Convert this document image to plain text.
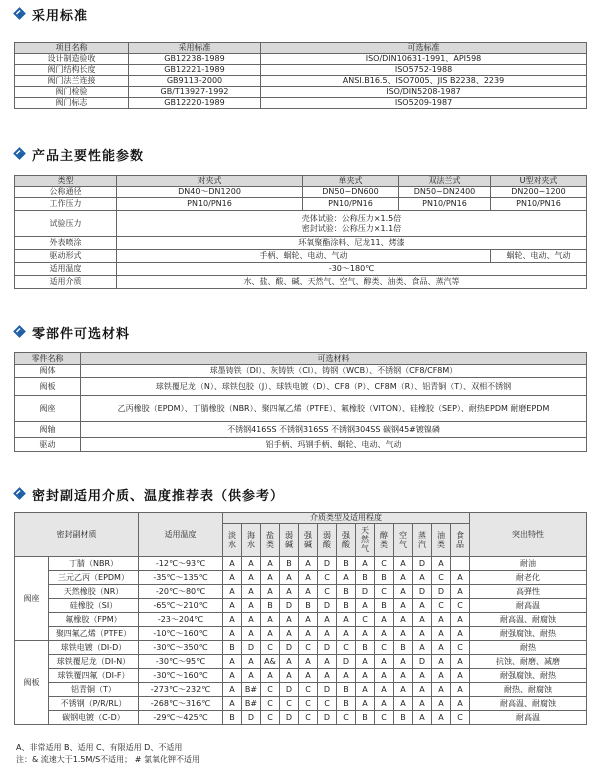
采用标准
项目名称	采用标准	可选标准
设计制造验收	GB12238-1989	ISO/DIN10631-1991、API598
阀门结构长度	GB12221-1989	ISO5752-1988
阀门法兰连接	GB9113-2000	ANSI.B16.5、ISO7005、JIS B2238、2239
阀门检验	GB/T13927-1992	ISO/DIN5208-1987
阀门标志	GB12220-1989	ISO5209-1987
产品主要性能参数
类型	对夹式	单夹式	双法兰式	U型对夹式
公称通径	DN40～DN1200	DN50~DN600	DN50~DN2400	DN200~1200
工作压力	PN10/PN16	PN10/PN16	PN10/PN16	PN10/PN16
试验压力	壳体试验：公称压力×1.5倍
密封试验：公称压力×1.1倍			

外表喷涂	环氧聚酯涂料、尼龙11、烤漆			
驱动形式	手柄、蜗轮、电动、气动			蜗轮、电动、气动
适用温度	-30～180℃			
适用介质	水、盐、酸、碱、天然气、空气、醇类、油类、食品、蒸汽等			
零部件可选材料
零件名称	可选材料
阀体	球墨铸铁（DI）、灰铸铁（CI）、铸钢（WCB）、不锈钢（CF8/CF8M）
阀板	球铁覆尼龙（N）、球铁包胶（J）、球铁电镀（D）、CF8（P）、CF8M（R）、铝青铜（T）、双相不锈钢
阀座	乙丙橡胶（EPDM）、丁腈橡胶（NBR）、聚四氟乙烯（PTFE）、氟橡胶（VITON）、硅橡胶（SEP）、耐热EPDM 耐磨EPDM
阀轴	不锈钢416SS 不锈钢316SS 不锈钢304SS 碳钢45#镀镍磷
驱动	铝手柄、玛钢手柄、蜗轮、电动、气动
密封副适用介质、温度推荐表（供参考）
密封副材质		适用温度	介质类型及适用程度													突出特性
			淡水	海水	盐类	弱碱	强碱	弱酸	强酸	天然气	醇类	空气	蒸汽	油类	食品	
阀座	丁腈（NBR）	-12℃～93℃	A	A	A	B	A	D	B	A	C	A	D	A		耐油
	三元乙丙（EPDM）	-35℃～135℃	A	A	A	A	A	C	A	B	B	A	A	C	A	耐老化
	天然橡胶（NR）	-20℃～80℃	A	A	A	A	A	C	B	D	C	A	D	D	A	高弹性
	硅橡胶（SI）	-65℃～210℃	A	A	B	D	B	D	B	A	B	A	A	C	C	耐高温
	氟橡胶（FPM）	-23～204℃	A	A	A	A	A	A	A	C	A	A	A	A	A	耐高温、耐腐蚀
	聚四氟乙烯（PTFE）	-10℃～160℃	A	A	A	A	A	A	A	A	A	A	A	A	A	耐强腐蚀、耐热
阀板	球铁电镀（DI-D）	-30℃～350℃	B	D	C	D	C	D	C	B	C	B	A	A	C	耐热
	球铁覆尼龙（DI-N）	-30℃～95℃	A	A	A&	A	A	A	D	A	A	A	D	A	A	抗蚀、耐磨、减磨
	球铁覆四氟（DI-F）	-30℃～160℃	A	A	A	A	A	A	A	A	A	A	A	A	A	耐强腐蚀、耐热
	铝青铜（T）	-273℃～232℃	A	B#	C	D	C	D	B	A	A	A	A	A	A	耐热、耐腐蚀
	不锈钢（P/R/RL）	-268℃～316℃	A	B#	C	C	C	C	B	A	A	A	A	A	A	耐高温、耐腐蚀
	碳钢电镀（C-D）	-29℃～425℃	B	D	C	D	C	D	C	B	C	B	A	A	C	耐高温
A、非常适用 B、适用 C、有限适用 D、不适用
注：& 流速大于1.5M/S不适用； # 氯氧化钾不适用
